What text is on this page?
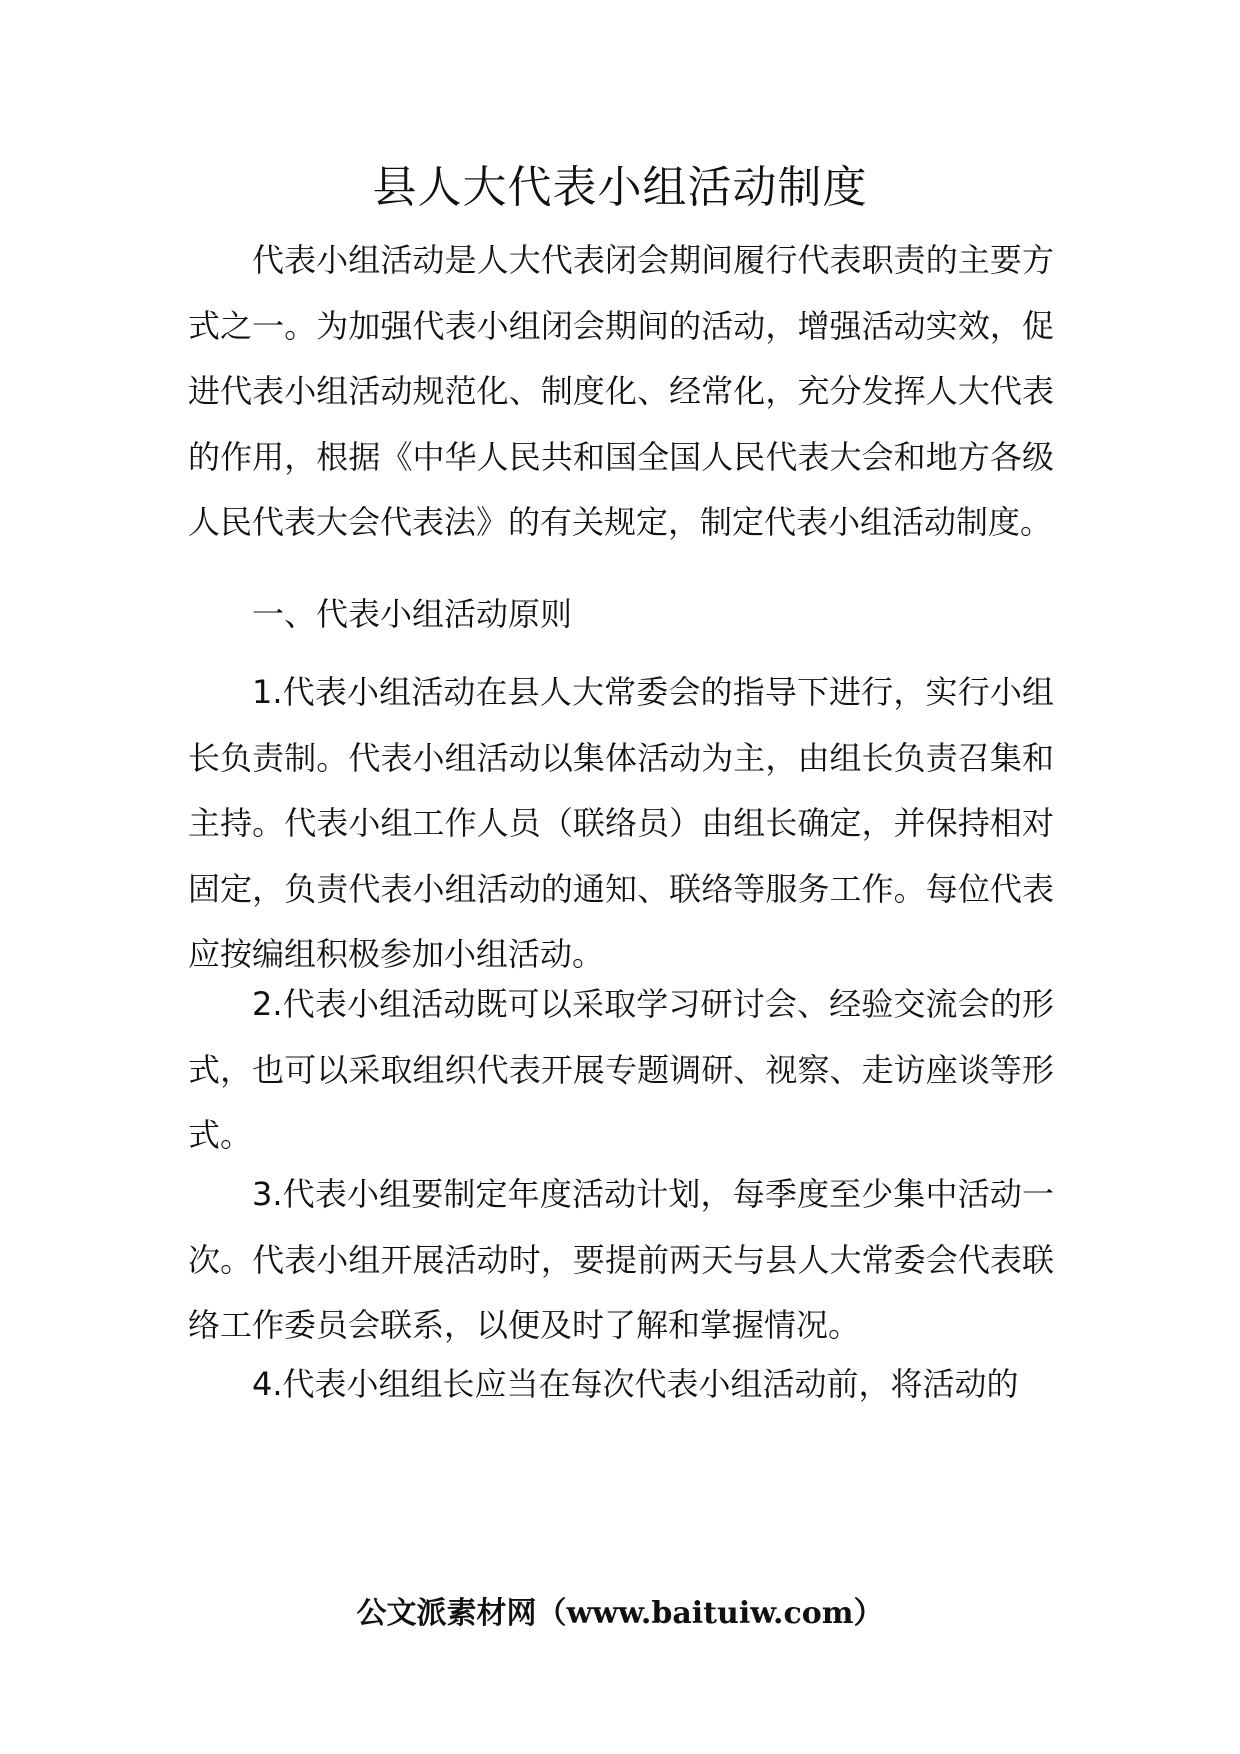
县人大代表小组活动制度

代表小组活动是人大代表闭会期间履行代表职责的主要方式之一。为加强代表小组闭会期间的活动，增强活动实效，促进代表小组活动规范化、制度化、经常化，充分发挥人大代表的作用，根据《中华人民共和国全国人民代表大会和地方各级人民代表大会代表法》的有关规定，制定代表小组活动制度。

一、代表小组活动原则

1.代表小组活动在县人大常委会的指导下进行，实行小组长负责制。代表小组活动以集体活动为主，由组长负责召集和主持。代表小组工作人员（联络员）由组长确定，并保持相对固定，负责代表小组活动的通知、联络等服务工作。每位代表应按编组积极参加小组活动。

2.代表小组活动既可以采取学习研讨会、经验交流会的形式，也可以采取组织代表开展专题调研、视察、走访座谈等形式。

3.代表小组要制定年度活动计划，每季度至少集中活动一次。代表小组开展活动时，要提前两天与县人大常委会代表联络工作委员会联系，以便及时了解和掌握情况。

4.代表小组组长应当在每次代表小组活动前，将活动的

公文派素材网（www.baituiw.com）
